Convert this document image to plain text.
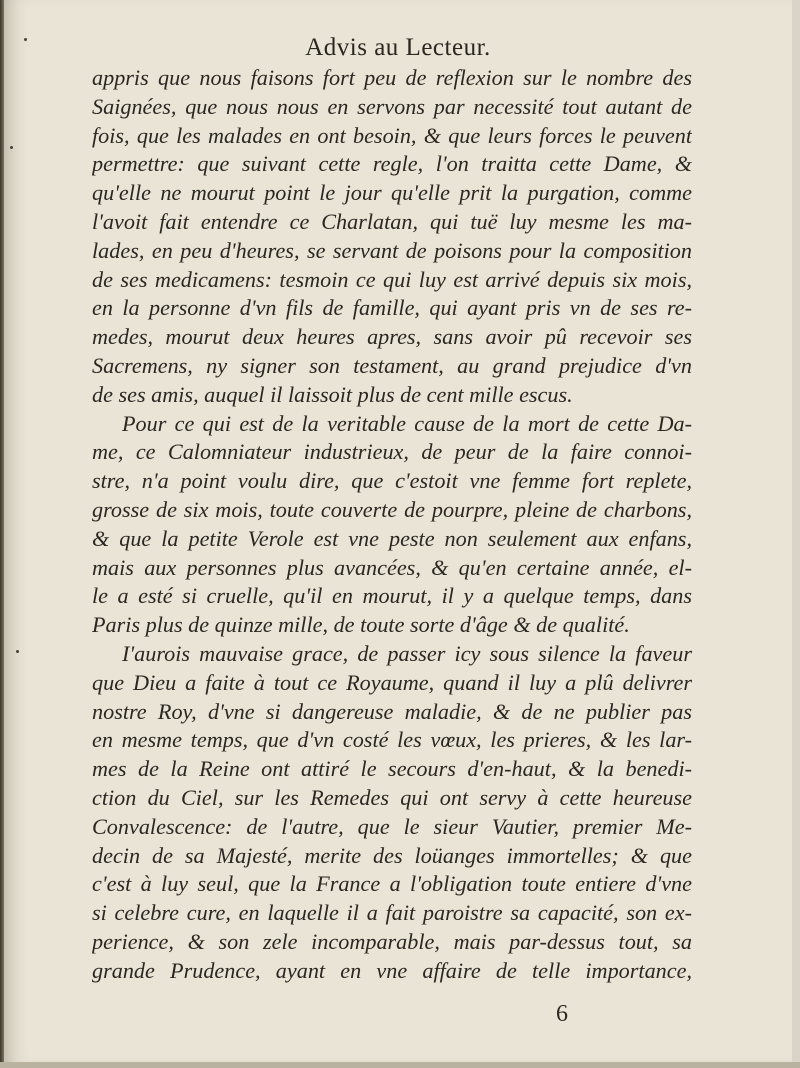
Advis au Lecteur.
appris que nous faisons fort peu de reflexion sur le nombre des
Saignées, que nous nous en servons par necessité tout autant de
fois, que les malades en ont besoin, & que leurs forces le peuvent
permettre: que suivant cette regle, l'on traitta cette Dame, &
qu'elle ne mourut point le jour qu'elle prit la purgation, comme
l'avoit fait entendre ce Charlatan, qui tuë luy mesme les ma-
lades, en peu d'heures, se servant de poisons pour la composition
de ses medicamens: tesmoin ce qui luy est arrivé depuis six mois,
en la personne d'vn fils de famille, qui ayant pris vn de ses re-
medes, mourut deux heures apres, sans avoir pû recevoir ses
Sacremens, ny signer son testament, au grand prejudice d'vn
de ses amis, auquel il laissoit plus de cent mille escus.
Pour ce qui est de la veritable cause de la mort de cette Da-
me, ce Calomniateur industrieux, de peur de la faire connoi-
stre, n'a point voulu dire, que c'estoit vne femme fort replete,
grosse de six mois, toute couverte de pourpre, pleine de charbons,
& que la petite Verole est vne peste non seulement aux enfans,
mais aux personnes plus avancées, & qu'en certaine année, el-
le a esté si cruelle, qu'il en mourut, il y a quelque temps, dans
Paris plus de quinze mille, de toute sorte d'âge & de qualité.
I'aurois mauvaise grace, de passer icy sous silence la faveur
que Dieu a faite à tout ce Royaume, quand il luy a plû delivrer
nostre Roy, d'vne si dangereuse maladie, & de ne publier pas
en mesme temps, que d'vn costé les vœux, les prieres, & les lar-
mes de la Reine ont attiré le secours d'en-haut, & la benedi-
ction du Ciel, sur les Remedes qui ont servy à cette heureuse
Convalescence: de l'autre, que le sieur Vautier, premier Me-
decin de sa Majesté, merite des loüanges immortelles; & que
c'est à luy seul, que la France a l'obligation toute entiere d'vne
si celebre cure, en laquelle il a fait paroistre sa capacité, son ex-
perience, & son zele incomparable, mais par-dessus tout, sa
grande Prudence, ayant en vne affaire de telle importance,
6
